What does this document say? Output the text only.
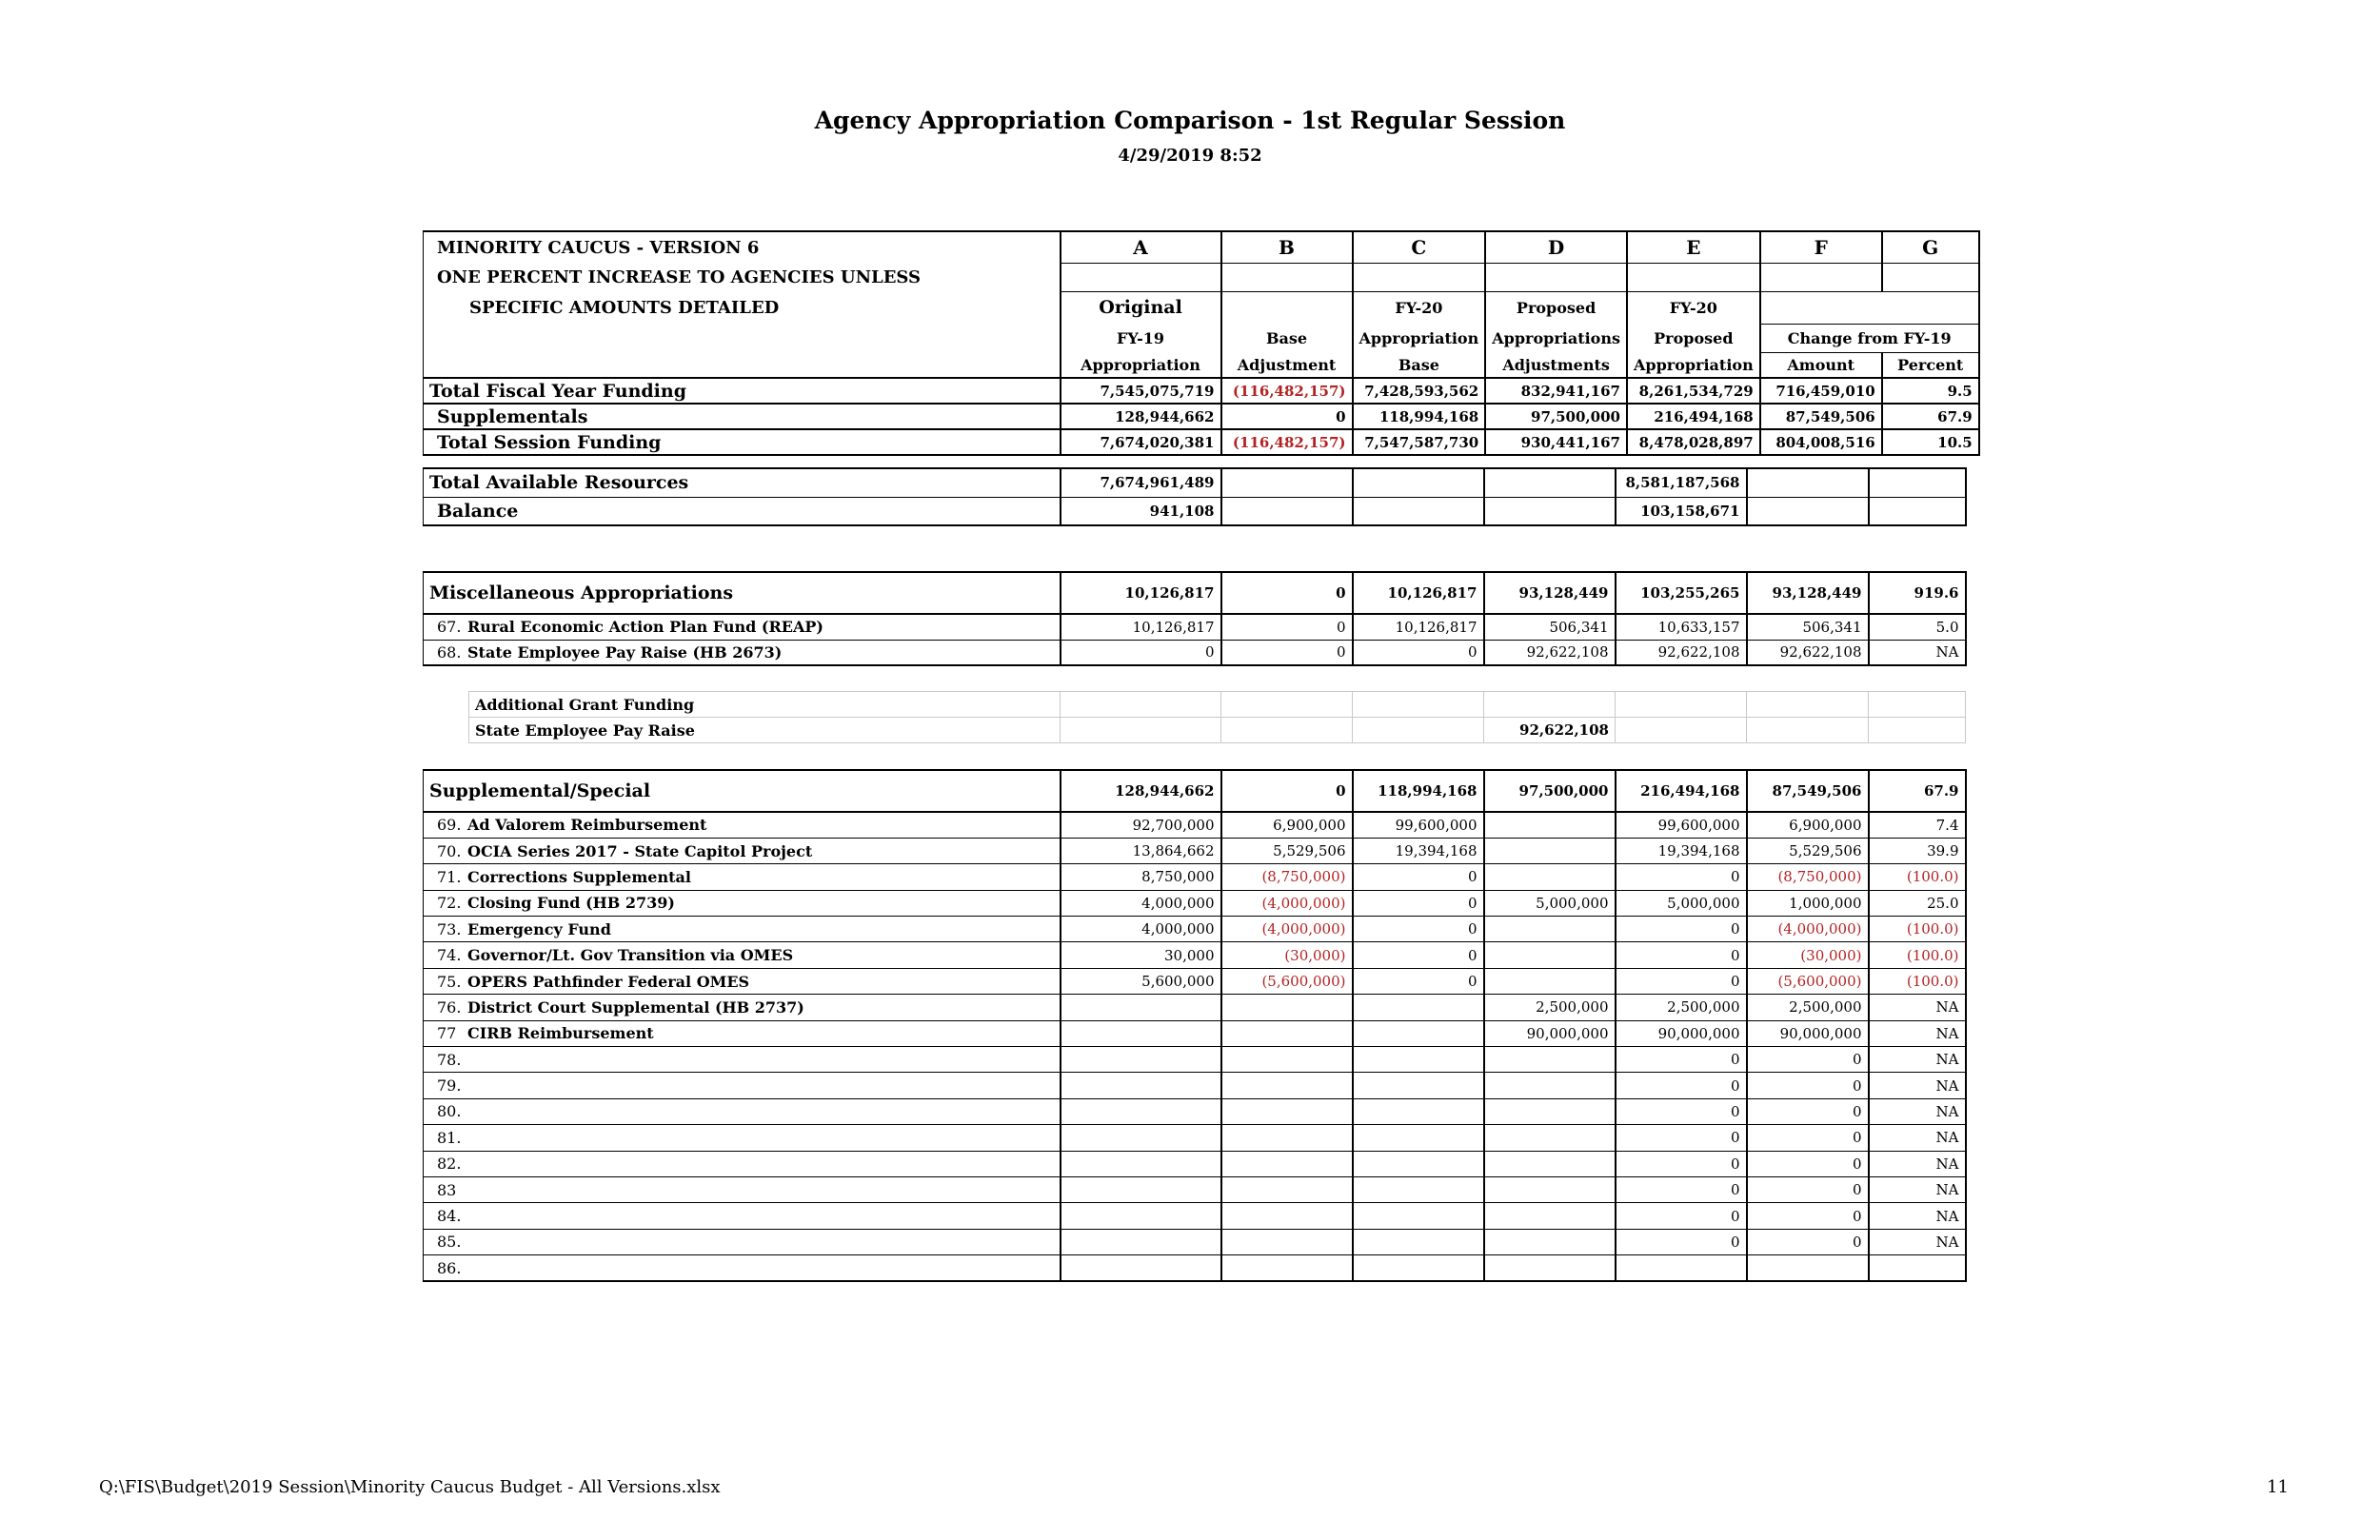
Agency Appropriation Comparison - 1st Regular Session
4/29/2019 8:52
MINORITY CAUCUS - VERSION 6	A	B	C	D	E	F	G
ONE PERCENT INCREASE TO AGENCIES UNLESS							
SPECIFIC AMOUNTS DETAILED	Original		FY-20	Proposed	FY-20		
	FY-19	Base	Appropriation	Appropriations	Proposed	Change from FY-19	
	Appropriation	Adjustment	Base	Adjustments	Appropriation	Amount	Percent
Total Fiscal Year Funding	7,545,075,719	(116,482,157)	7,428,593,562	832,941,167	8,261,534,729	716,459,010	9.5
Supplementals	128,944,662	0	118,994,168	97,500,000	216,494,168	87,549,506	67.9
Total Session Funding	7,674,020,381	(116,482,157)	7,547,587,730	930,441,167	8,478,028,897	804,008,516	10.5
Total Available Resources	7,674,961,489				8,581,187,568		
Balance	941,108				103,158,671		
Miscellaneous Appropriations	10,126,817	0	10,126,817	93,128,449	103,255,265	93,128,449	919.6
67. Rural Economic Action Plan Fund (REAP)	10,126,817	0	10,126,817	506,341	10,633,157	506,341	5.0
68. State Employee Pay Raise (HB 2673)	0	0	0	92,622,108	92,622,108	92,622,108	NA
Additional Grant Funding							
State Employee Pay Raise				92,622,108			
Supplemental/Special	128,944,662	0	118,994,168	97,500,000	216,494,168	87,549,506	67.9
69. Ad Valorem Reimbursement	92,700,000	6,900,000	99,600,000		99,600,000	6,900,000	7.4
70. OCIA Series 2017 - State Capitol Project	13,864,662	5,529,506	19,394,168		19,394,168	5,529,506	39.9
71. Corrections Supplemental	8,750,000	(8,750,000)	0		0	(8,750,000)	(100.0)
72. Closing Fund (HB 2739)	4,000,000	(4,000,000)	0	5,000,000	5,000,000	1,000,000	25.0
73. Emergency Fund	4,000,000	(4,000,000)	0		0	(4,000,000)	(100.0)
74. Governor/Lt. Gov Transition via OMES	30,000	(30,000)	0		0	(30,000)	(100.0)
75. OPERS Pathfinder Federal OMES	5,600,000	(5,600,000)	0		0	(5,600,000)	(100.0)
76. District Court Supplemental (HB 2737)				2,500,000	2,500,000	2,500,000	NA
77 CIRB Reimbursement				90,000,000	90,000,000	90,000,000	NA
78.					0	0	NA
79.					0	0	NA
80.					0	0	NA
81.					0	0	NA
82.					0	0	NA
83					0	0	NA
84.					0	0	NA
85.					0	0	NA
86.							
Q:\FIS\Budget\2019 Session\Minority Caucus Budget - All Versions.xlsx	11
